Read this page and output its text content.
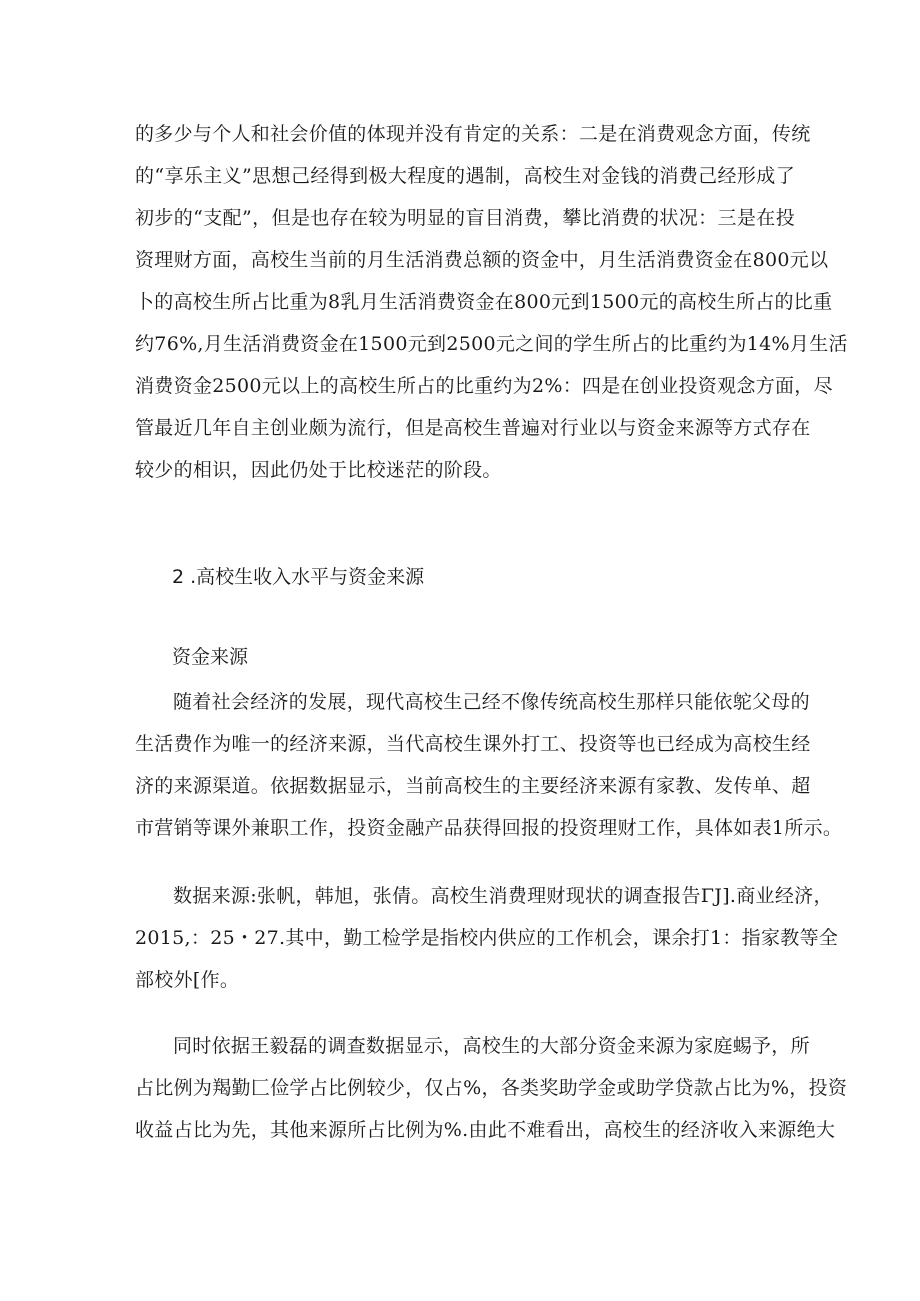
的多少与个人和社会价值的体现并没有肯定的关系：二是在消费观念方面，传统
的“享乐主义”思想己经得到极大程度的遇制，高校生对金钱的消费己经形成了
初步的“支配”，但是也存在较为明显的盲目消费，攀比消费的状况：三是在投
资理财方面，高校生当前的月生活消费总额的资金中，月生活消费资金在800元以
卜的高校生所占比重为8乳月生活消费资金在800元到1500元的高校生所占的比重
约76%,月生活消费资金在1500元到2500元之间的学生所占的比重约为14%月生活
消费资金2500元以上的高校生所占的比重约为2%：四是在创业投资观念方面，尽
管最近几年自主创业颇为流行，但是高校生普遍对行业以与资金来源等方式存在
较少的相识，因此仍处于比校迷茫的阶段。
2 .高校生收入水平与资金来源
资金来源
随着社会经济的发展，现代高校生己经不像传统高校生那样只能依鸵父母的
生活费作为唯一的经济来源，当代高校生课外打工、投资等也已经成为高校生经
济的来源渠道。依据数据显示，当前高校生的主要经济来源有家教、发传单、超
市营销等课外兼职工作，投资金融产品获得回报的投资理财工作，具体如表1所示。
数据来源:张帆，韩旭，张倩。高校生消费理财现状的调查报告ΓJ].商业经济，
2015,：25・27.其中，勤工检学是指校内供应的工作机会，课余打1：指家教等全
部校外[作。
同时依据王毅磊的调查数据显示，高校生的大部分资金来源为家庭蜴予，所
占比例为羯勤匚俭学占比例较少，仅占%，各类奖助学金或助学贷款占比为%，投资
收益占比为先，其他来源所占比例为%.由此不难看出，高校生的经济收入来源绝大
